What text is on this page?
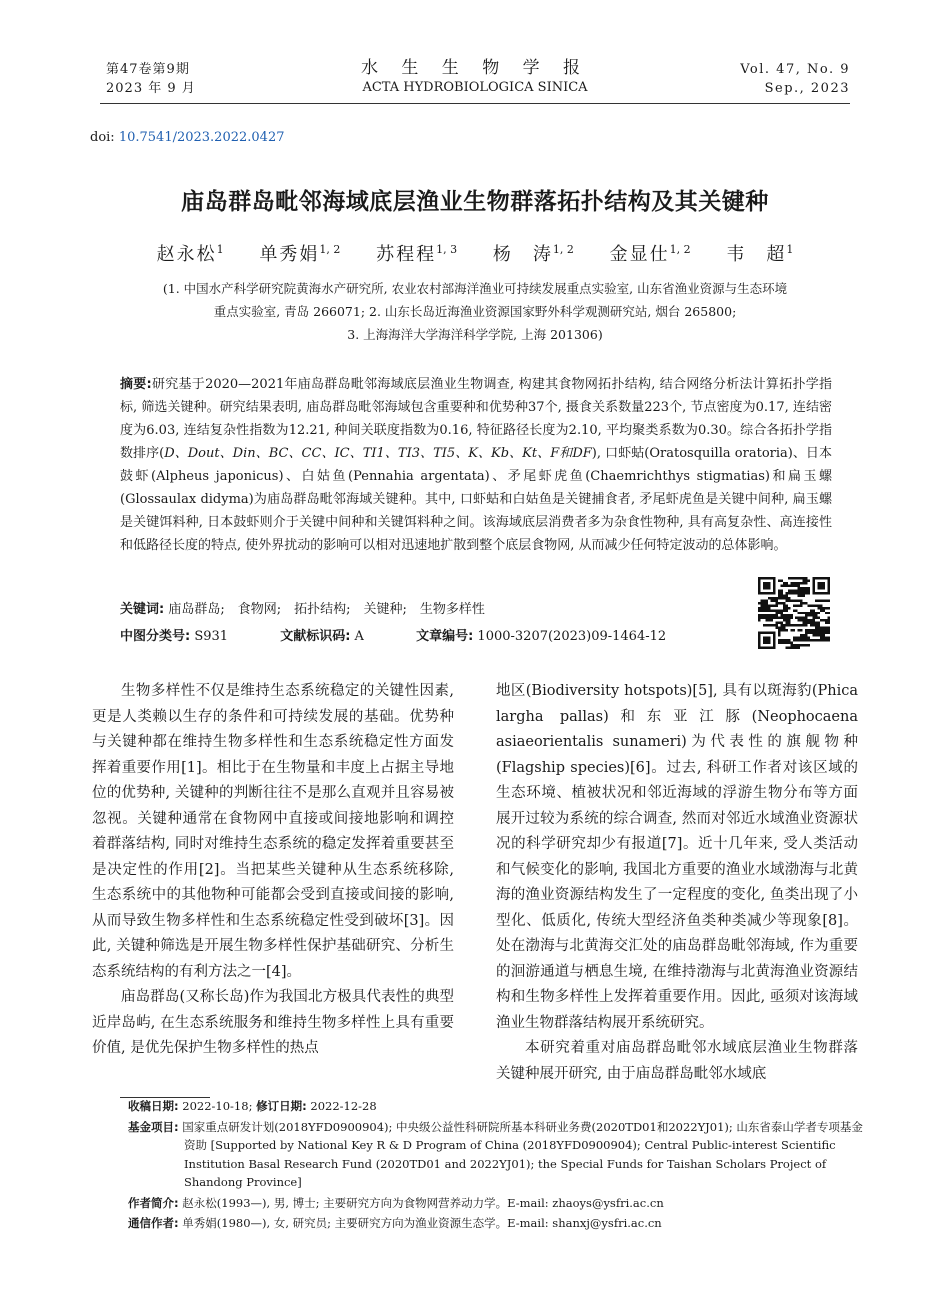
第47卷第9期
2023 年 9 月
水 生 生 物 学 报
ACTA HYDROBIOLOGICA SINICA
Vol. 47, No. 9
Sep., 2023
doi: 10.7541/2023.2022.0427
庙岛群岛毗邻海域底层渔业生物群落拓扑结构及其关键种
赵永松$^1$ 单秀娟$^{1, 2}$ 苏程程$^{1, 3}$ 杨　涛$^{1, 2}$ 金显仕$^{1, 2}$ 韦　超$^1$
(1. 中国水产科学研究院黄海水产研究所, 农业农村部海洋渔业可持续发展重点实验室, 山东省渔业资源与生态环境
重点实验室, 青岛 266071; 2. 山东长岛近海渔业资源国家野外科学观测研究站, 烟台 265800;
3. 上海海洋大学海洋科学学院, 上海 201306)
摘要:研究基于2020—2021年庙岛群岛毗邻海域底层渔业生物调查, 构建其食物网拓扑结构, 结合网络分析法计算拓扑学指标, 筛选关键种。研究结果表明, 庙岛群岛毗邻海域包含重要种和优势种37个, 摄食关系数量223个, 节点密度为0.17, 连结密度为6.03, 连结复杂性指数为12.21, 种间关联度指数为0.16, 特征路径长度为2.10, 平均聚类系数为0.30。综合各拓扑学指数排序(D、Dout、Din、BC、CC、IC、TI1、TI3、TI5、K、Kb、Kt、F和DF), 口虾蛄(Oratosquilla oratoria)、日本鼓虾(Alpheus japonicus)、白姑鱼(Pennahia argentata)、矛尾虾虎鱼(Chaemrichthys stigmatias)和扁玉螺(Glossaulax didyma)为庙岛群岛毗邻海域关键种。其中, 口虾蛄和白姑鱼是关键捕食者, 矛尾虾虎鱼是关键中间种, 扁玉螺是关键饵料种, 日本鼓虾则介于关键中间种和关键饵料种之间。该海域底层消费者多为杂食性物种, 具有高复杂性、高连接性和低路径长度的特点, 使外界扰动的影响可以相对迅速地扩散到整个底层食物网, 从而减少任何特定波动的总体影响。
关键词: 庙岛群岛;　食物网;　拓扑结构;　关键种;　生物多样性
中图分类号: S931	文献标识码: A	文章编号: 1000-3207(2023)09-1464-12

生物多样性不仅是维持生态系统稳定的关键性因素, 更是人类赖以生存的条件和可持续发展的基础。优势种与关键种都在维持生物多样性和生态系统稳定性方面发挥着重要作用[1]。相比于在生物量和丰度上占据主导地位的优势种, 关键种的判断往往不是那么直观并且容易被忽视。关键种通常在食物网中直接或间接地影响和调控着群落结构, 同时对维持生态系统的稳定发挥着重要甚至是决定性的作用[2]。当把某些关键种从生态系统移除, 生态系统中的其他物种可能都会受到直接或间接的影响, 从而导致生物多样性和生态系统稳定性受到破坏[3]。因此, 关键种筛选是开展生物多样性保护基础研究、分析生态系统结构的有利方法之一[4]。

庙岛群岛(又称长岛)作为我国北方极具代表性的典型近岸岛屿, 在生态系统服务和维持生物多样性上具有重要价值, 是优先保护生物多样性的热点

地区(Biodiversity hotspots)[5], 具有以斑海豹(Phica largha pallas)和东亚江豚(Neophocaena asiaeorientalis sunameri)为代表性的旗舰物种(Flagship species)[6]。过去, 科研工作者对该区域的生态环境、植被状况和邻近海域的浮游生物分布等方面展开过较为系统的综合调查, 然而对邻近水域渔业资源状况的科学研究却少有报道[7]。近十几年来, 受人类活动和气候变化的影响, 我国北方重要的渔业水域渤海与北黄海的渔业资源结构发生了一定程度的变化, 鱼类出现了小型化、低质化, 传统大型经济鱼类种类减少等现象[8]。处在渤海与北黄海交汇处的庙岛群岛毗邻海域, 作为重要的洄游通道与栖息生境, 在维持渤海与北黄海渔业资源结构和生物多样性上发挥着重要作用。因此, 亟须对该海域渔业生物群落结构展开系统研究。

本研究着重对庙岛群岛毗邻水域底层渔业生物群落关键种展开研究, 由于庙岛群岛毗邻水域底

收稿日期: 2022-10-18; 修订日期: 2022-12-28
基金项目: 国家重点研发计划(2018YFD0900904); 中央级公益性科研院所基本科研业务费(2020TD01和2022YJ01); 山东省泰山学者专项基金资助 [Supported by National Key R & D Program of China (2018YFD0900904); Central Public-interest Scientific Institution Basal Research Fund (2020TD01 and 2022YJ01); the Special Funds for Taishan Scholars Project of Shandong Province]
作者简介: 赵永松(1993—), 男, 博士; 主要研究方向为食物网营养动力学。E-mail: zhaoys@ysfri.ac.cn
通信作者: 单秀娟(1980—), 女, 研究员; 主要研究方向为渔业资源生态学。E-mail: shanxj@ysfri.ac.cn
